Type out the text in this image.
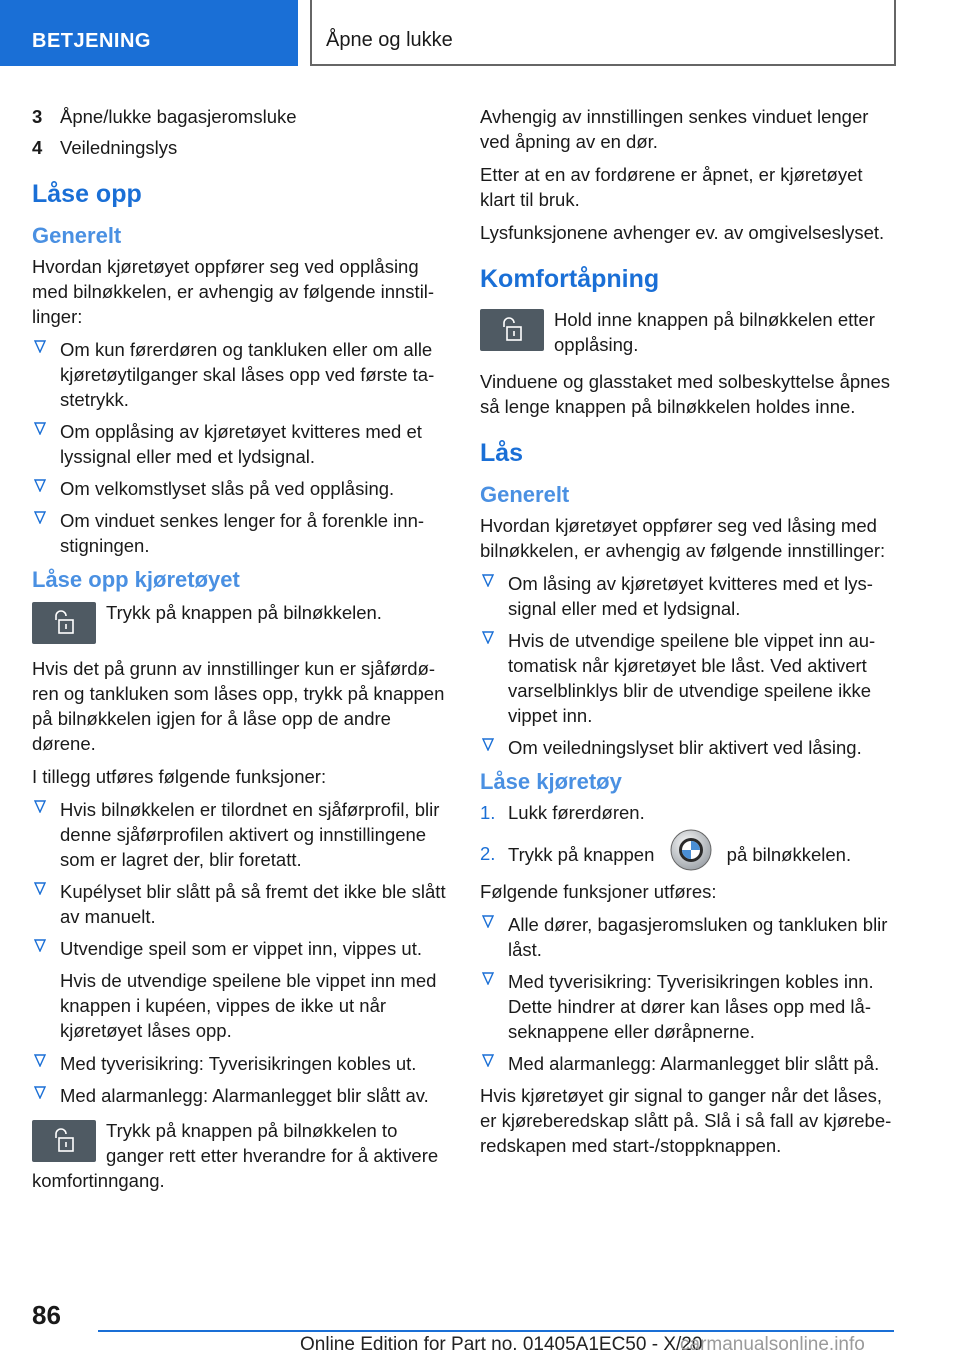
BETJENING	Åpne og lukke
3 Åpne/lukke bagasjeromsluke
4 Veiledningslys
Låse opp
Generelt

Hvordan kjøretøyet oppfører seg ved opplåsing med bilnøkkelen, er avhengig av følgende innstillinger:

Om kun førerdøren og tankluken eller om alle kjøretøytilganger skal låses opp ved første tastetrykk.
Om opplåsing av kjøretøyet kvitteres med et lyssignal eller med et lydsignal.
Om velkomstlyset slås på ved opplåsing.
Om vinduet senkes lenger for å forenkle innstigningen.
Låse opp kjøretøyet
Trykk på knappen på bilnøkkelen.

Hvis det på grunn av innstillinger kun er sjåførdøren og tankluken som låses opp, trykk på knappen på bilnøkkelen igjen for å låse opp de andre dørene.

I tillegg utføres følgende funksjoner:

Hvis bilnøkkelen er tilordnet en sjåførprofil, blir denne sjåførprofilen aktivert og innstillingene som er lagret der, blir foretatt.
Kupélyset blir slått på så fremt det ikke ble slått av manuelt.
Utvendige speil som er vippet inn, vippes ut.

Hvis de utvendige speilene ble vippet inn med knappen i kupéen, vippes de ikke ut når kjøretøyet låses opp.

Med tyverisikring: Tyverisikringen kobles ut.
Med alarmanlegg: Alarmanlegget blir slått av.
Trykk på knappen på bilnøkkelen to ganger rett etter hverandre for å aktivere komfortinngang.

Avhengig av innstillingen senkes vinduet lenger ved åpning av en dør.

Etter at en av fordørene er åpnet, er kjøretøyet klart til bruk.

Lysfunksjonene avhenger ev. av omgivelseslyset.

Komfortåpning
Hold inne knappen på bilnøkkelen etter opplåsing.

Vinduene og glasstaket med solbeskyttelse åpnes så lenge knappen på bilnøkkelen holdes inne.

Lås
Generelt

Hvordan kjøretøyet oppfører seg ved låsing med bilnøkkelen, er avhengig av følgende innstillinger:

Om låsing av kjøretøyet kvitteres med et lyssignal eller med et lydsignal.
Hvis de utvendige speilene ble vippet inn automatisk når kjøretøyet ble låst. Ved aktivert varselblinklys blir de utvendige speilene ikke vippet inn.
Om veiledningslyset blir aktivert ved låsing.
Låse kjøretøy
1. Lukk førerdøren.
2. Trykk på knappen	på bilnøkkelen.

Følgende funksjoner utføres:

Alle dører, bagasjeromsluken og tankluken blir låst.
Med tyverisikring: Tyverisikringen kobles inn. Dette hindrer at dører kan låses opp med låseknappene eller døråpnerne.
Med alarmanlegg: Alarmanlegget blir slått på.

Hvis kjøretøyet gir signal to ganger når det låses, er kjøreberedskap slått på. Slå i så fall av kjøreberedskapen med start-/stoppknappen.

86
Online Edition for Part no. 01405A1EC50 - X/20
carmanualsonline.info
